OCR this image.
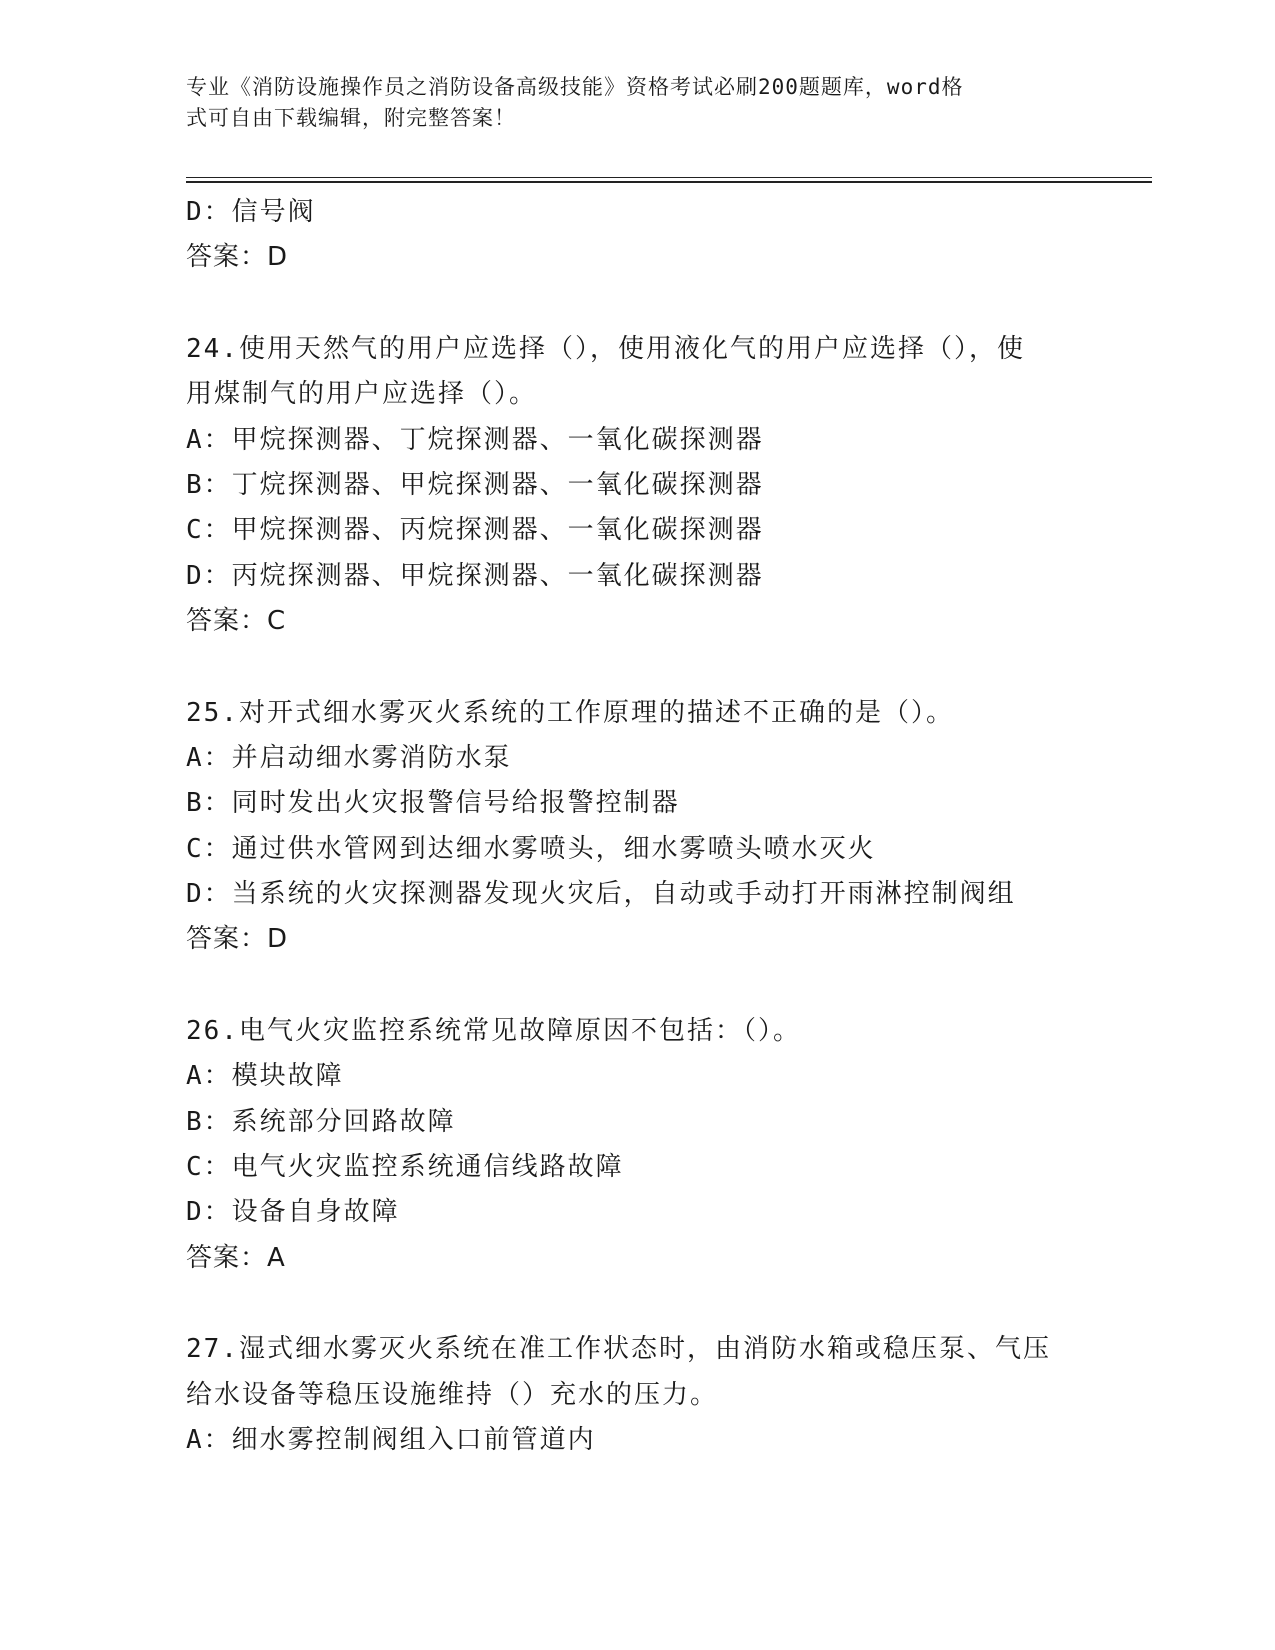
专业《消防设施操作员之消防设备高级技能》资格考试必刷200题题库，word格
式可自由下载编辑，附完整答案！
D：信号阀
答案：D
24.使用天然气的用户应选择（），使用液化气的用户应选择（），使
用煤制气的用户应选择（）。
A：甲烷探测器、丁烷探测器、一氧化碳探测器
B：丁烷探测器、甲烷探测器、一氧化碳探测器
C：甲烷探测器、丙烷探测器、一氧化碳探测器
D：丙烷探测器、甲烷探测器、一氧化碳探测器
答案：C
25.对开式细水雾灭火系统的工作原理的描述不正确的是（）。
A：并启动细水雾消防水泵
B：同时发出火灾报警信号给报警控制器
C：通过供水管网到达细水雾喷头，细水雾喷头喷水灭火
D：当系统的火灾探测器发现火灾后，自动或手动打开雨淋控制阀组
答案：D
26.电气火灾监控系统常见故障原因不包括：（）。
A：模块故障
B：系统部分回路故障
C：电气火灾监控系统通信线路故障
D：设备自身故障
答案：A
27.湿式细水雾灭火系统在准工作状态时，由消防水箱或稳压泵、气压
给水设备等稳压设施维持（）充水的压力。
A：细水雾控制阀组入口前管道内
